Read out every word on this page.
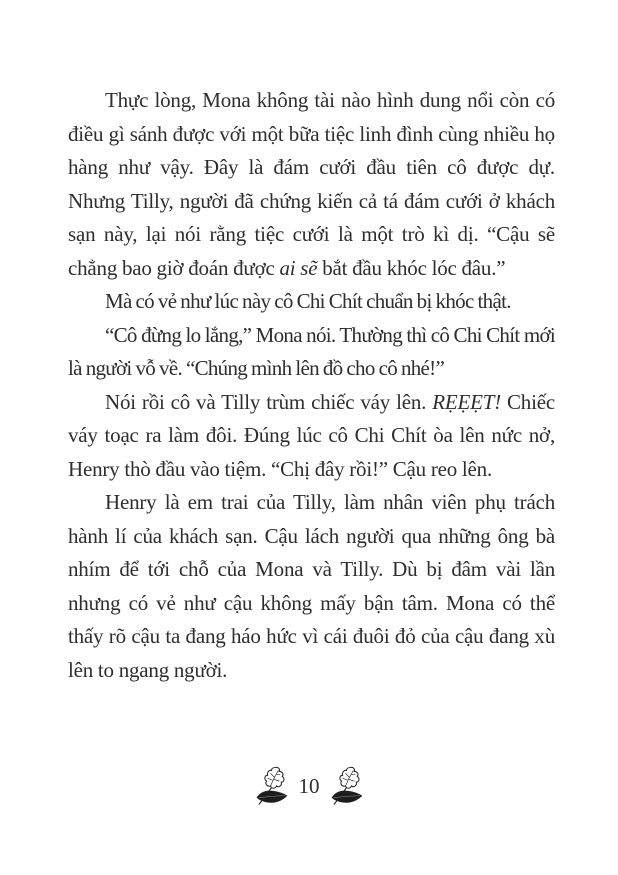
Thực lòng, Mona không tài nào hình dung nổi còn có điều gì sánh được với một bữa tiệc linh đình cùng nhiều họ hàng như vậy. Đây là đám cưới đầu tiên cô được dự. Nhưng Tilly, người đã chứng kiến cả tá đám cưới ở khách sạn này, lại nói rằng tiệc cưới là một trò kì dị. “Cậu sẽ chẳng bao giờ đoán được ai sẽ bắt đầu khóc lóc đâu.”

Mà có vẻ như lúc này cô Chi Chít chuẩn bị khóc thật.

“Cô đừng lo lắng,” Mona nói. Thường thì cô Chi Chít mới là người vỗ về. “Chúng mình lên đồ cho cô nhé!”

Nói rồi cô và Tilly trùm chiếc váy lên. RẸẸẸT! Chiếc váy toạc ra làm đôi. Đúng lúc cô Chi Chít òa lên nức nở, Henry thò đầu vào tiệm. “Chị đây rồi!” Cậu reo lên.

Henry là em trai của Tilly, làm nhân viên phụ trách hành lí của khách sạn. Cậu lách người qua những ông bà nhím để tới chỗ của Mona và Tilly. Dù bị đâm vài lần nhưng có vẻ như cậu không mấy bận tâm. Mona có thể thấy rõ cậu ta đang háo hức vì cái đuôi đỏ của cậu đang xù lên to ngang người.

10
